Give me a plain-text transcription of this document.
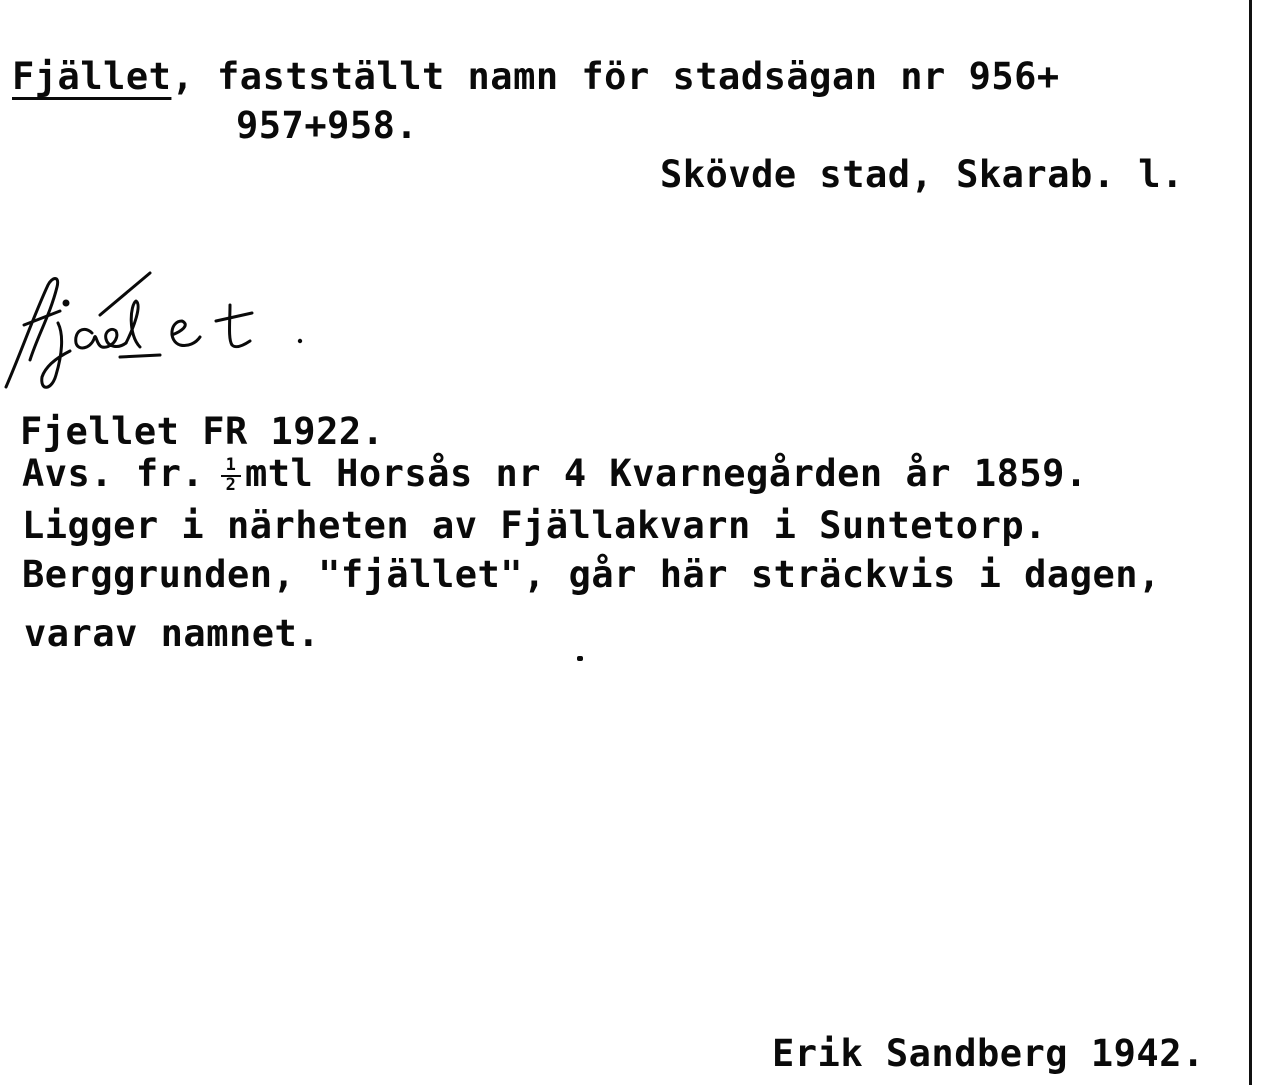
Fjället, fastställt namn för stadsägan nr 956+
957+958.
Skövde stad, Skarab. l.
Fjellet FR 1922.
Avs. fr.
$\frac{1}{2}$ mtl Horsås nr 4 Kvarnegården år 1859.
Ligger i närheten av Fjällakvarn i Suntetorp.
Berggrunden, "fjället", går här sträckvis i dagen,
varav namnet.
Erik Sandberg 1942.
